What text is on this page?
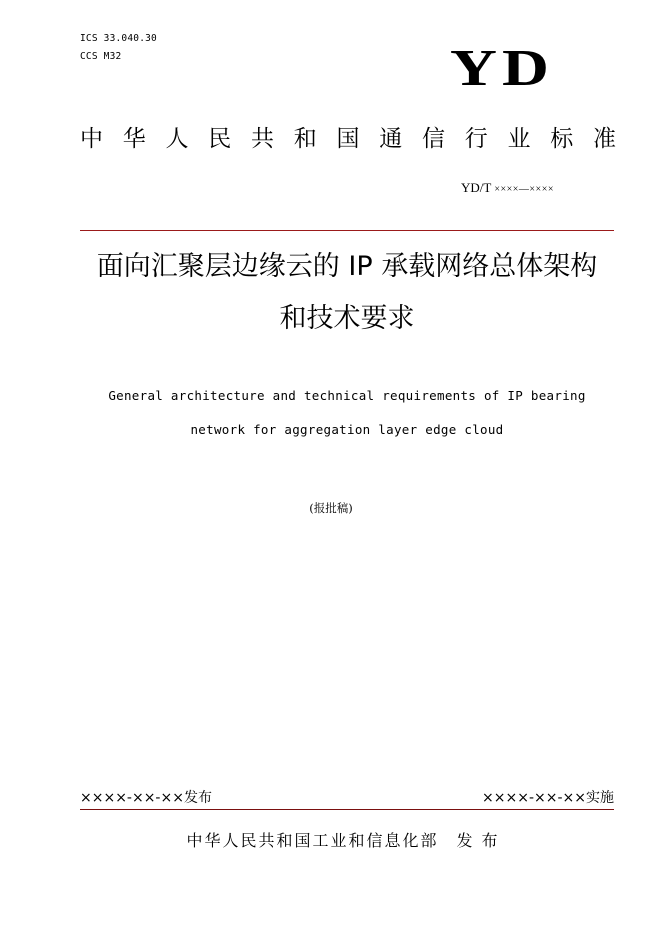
ICS 33.040.30
CCS M32	YD
中 华 人 民 共 和 国 通 信 行 业 标 准
YD/T ××××—××××
面向汇聚层边缘云的 IP 承载网络总体架构
和技术要求
General architecture and technical requirements of IP bearing
network for aggregation layer edge cloud
(报批稿)
××××-××-××发布	××××-××-××实施
中华人民共和国工业和信息化部 发 布
